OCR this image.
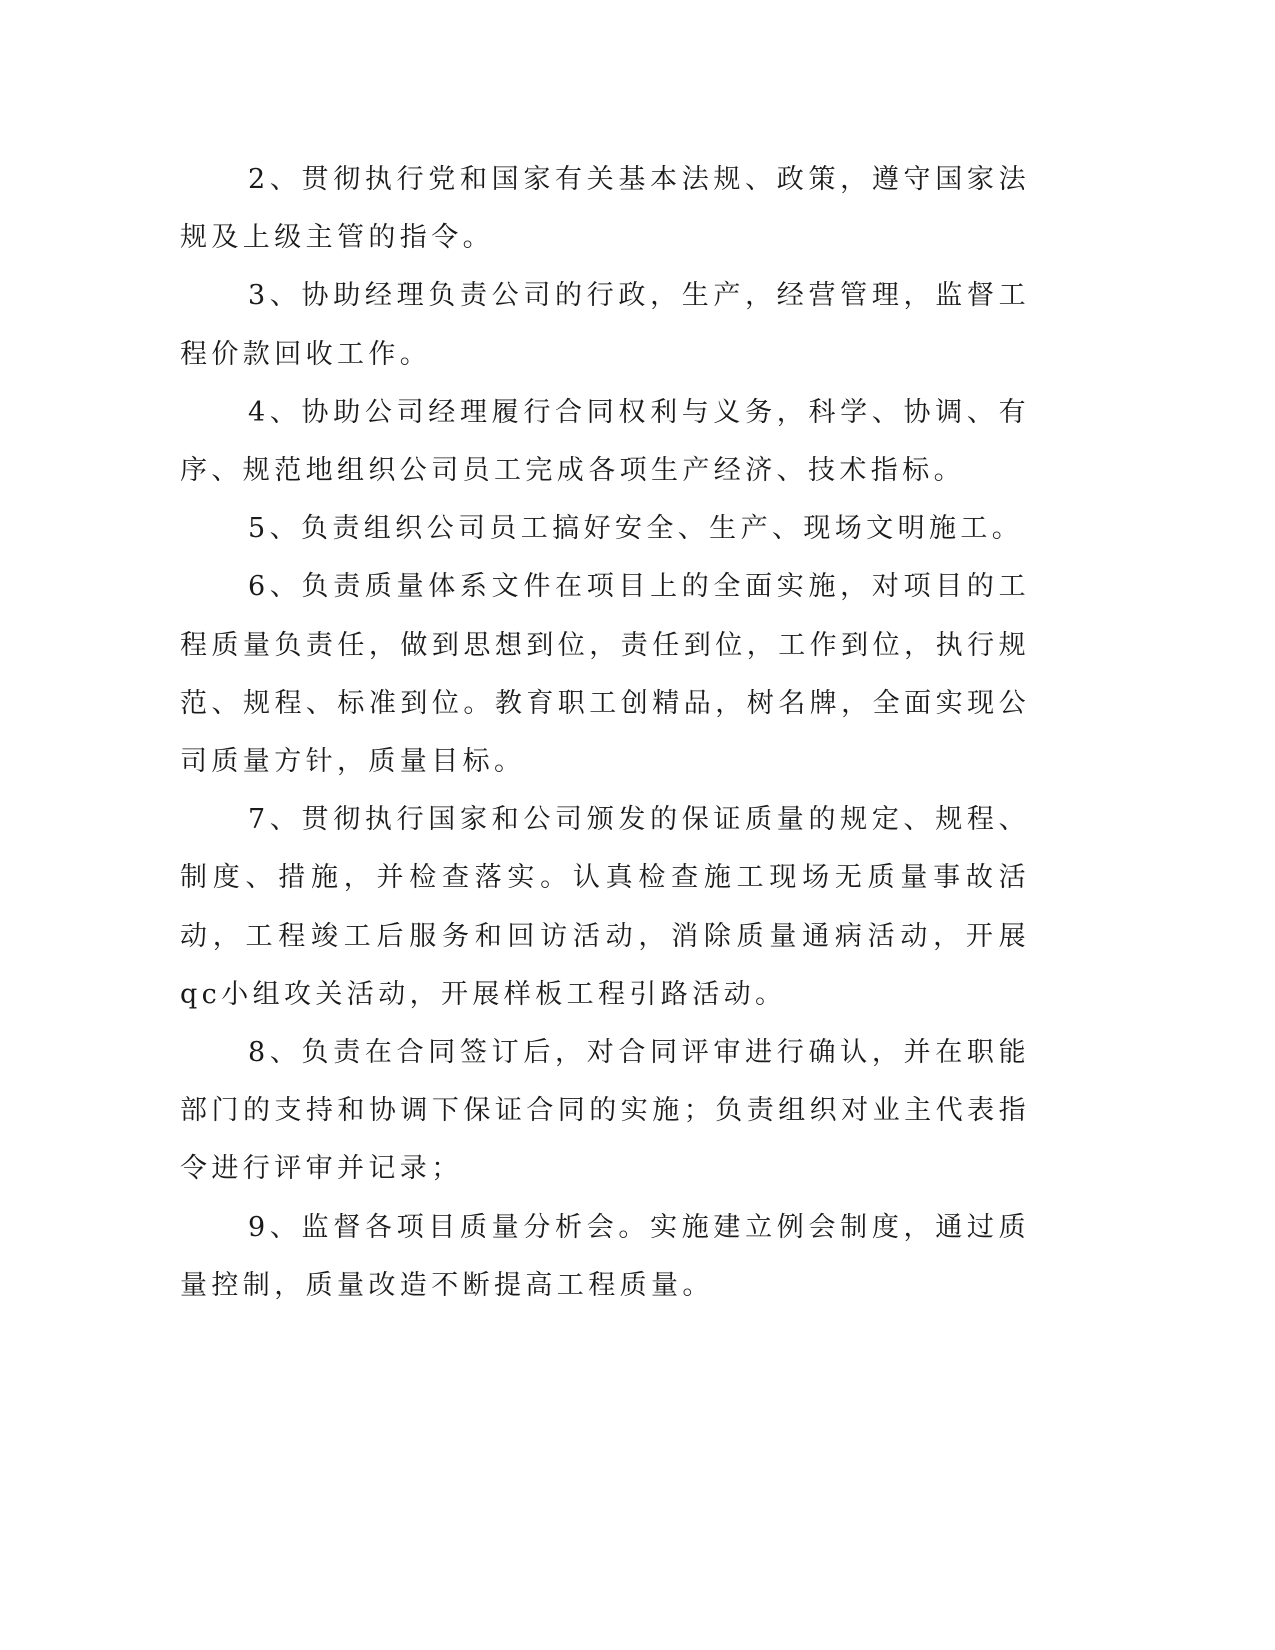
2、贯彻执行党和国家有关基本法规、政策，遵守国家法规及上级主管的指令。

3、协助经理负责公司的行政，生产，经营管理，监督工程价款回收工作。

4、协助公司经理履行合同权利与义务，科学、协调、有序、规范地组织公司员工完成各项生产经济、技术指标。

5、负责组织公司员工搞好安全、生产、现场文明施工。

6、负责质量体系文件在项目上的全面实施，对项目的工程质量负责任，做到思想到位，责任到位，工作到位，执行规范、规程、标准到位。教育职工创精品，树名牌，全面实现公司质量方针，质量目标。

7、贯彻执行国家和公司颁发的保证质量的规定、规程、制度、措施，并检查落实。认真检查施工现场无质量事故活动，工程竣工后服务和回访活动，消除质量通病活动，开展qc小组攻关活动，开展样板工程引路活动。

8、负责在合同签订后，对合同评审进行确认，并在职能部门的支持和协调下保证合同的实施；负责组织对业主代表指令进行评审并记录；

9、监督各项目质量分析会。实施建立例会制度，通过质量控制，质量改造不断提高工程质量。
